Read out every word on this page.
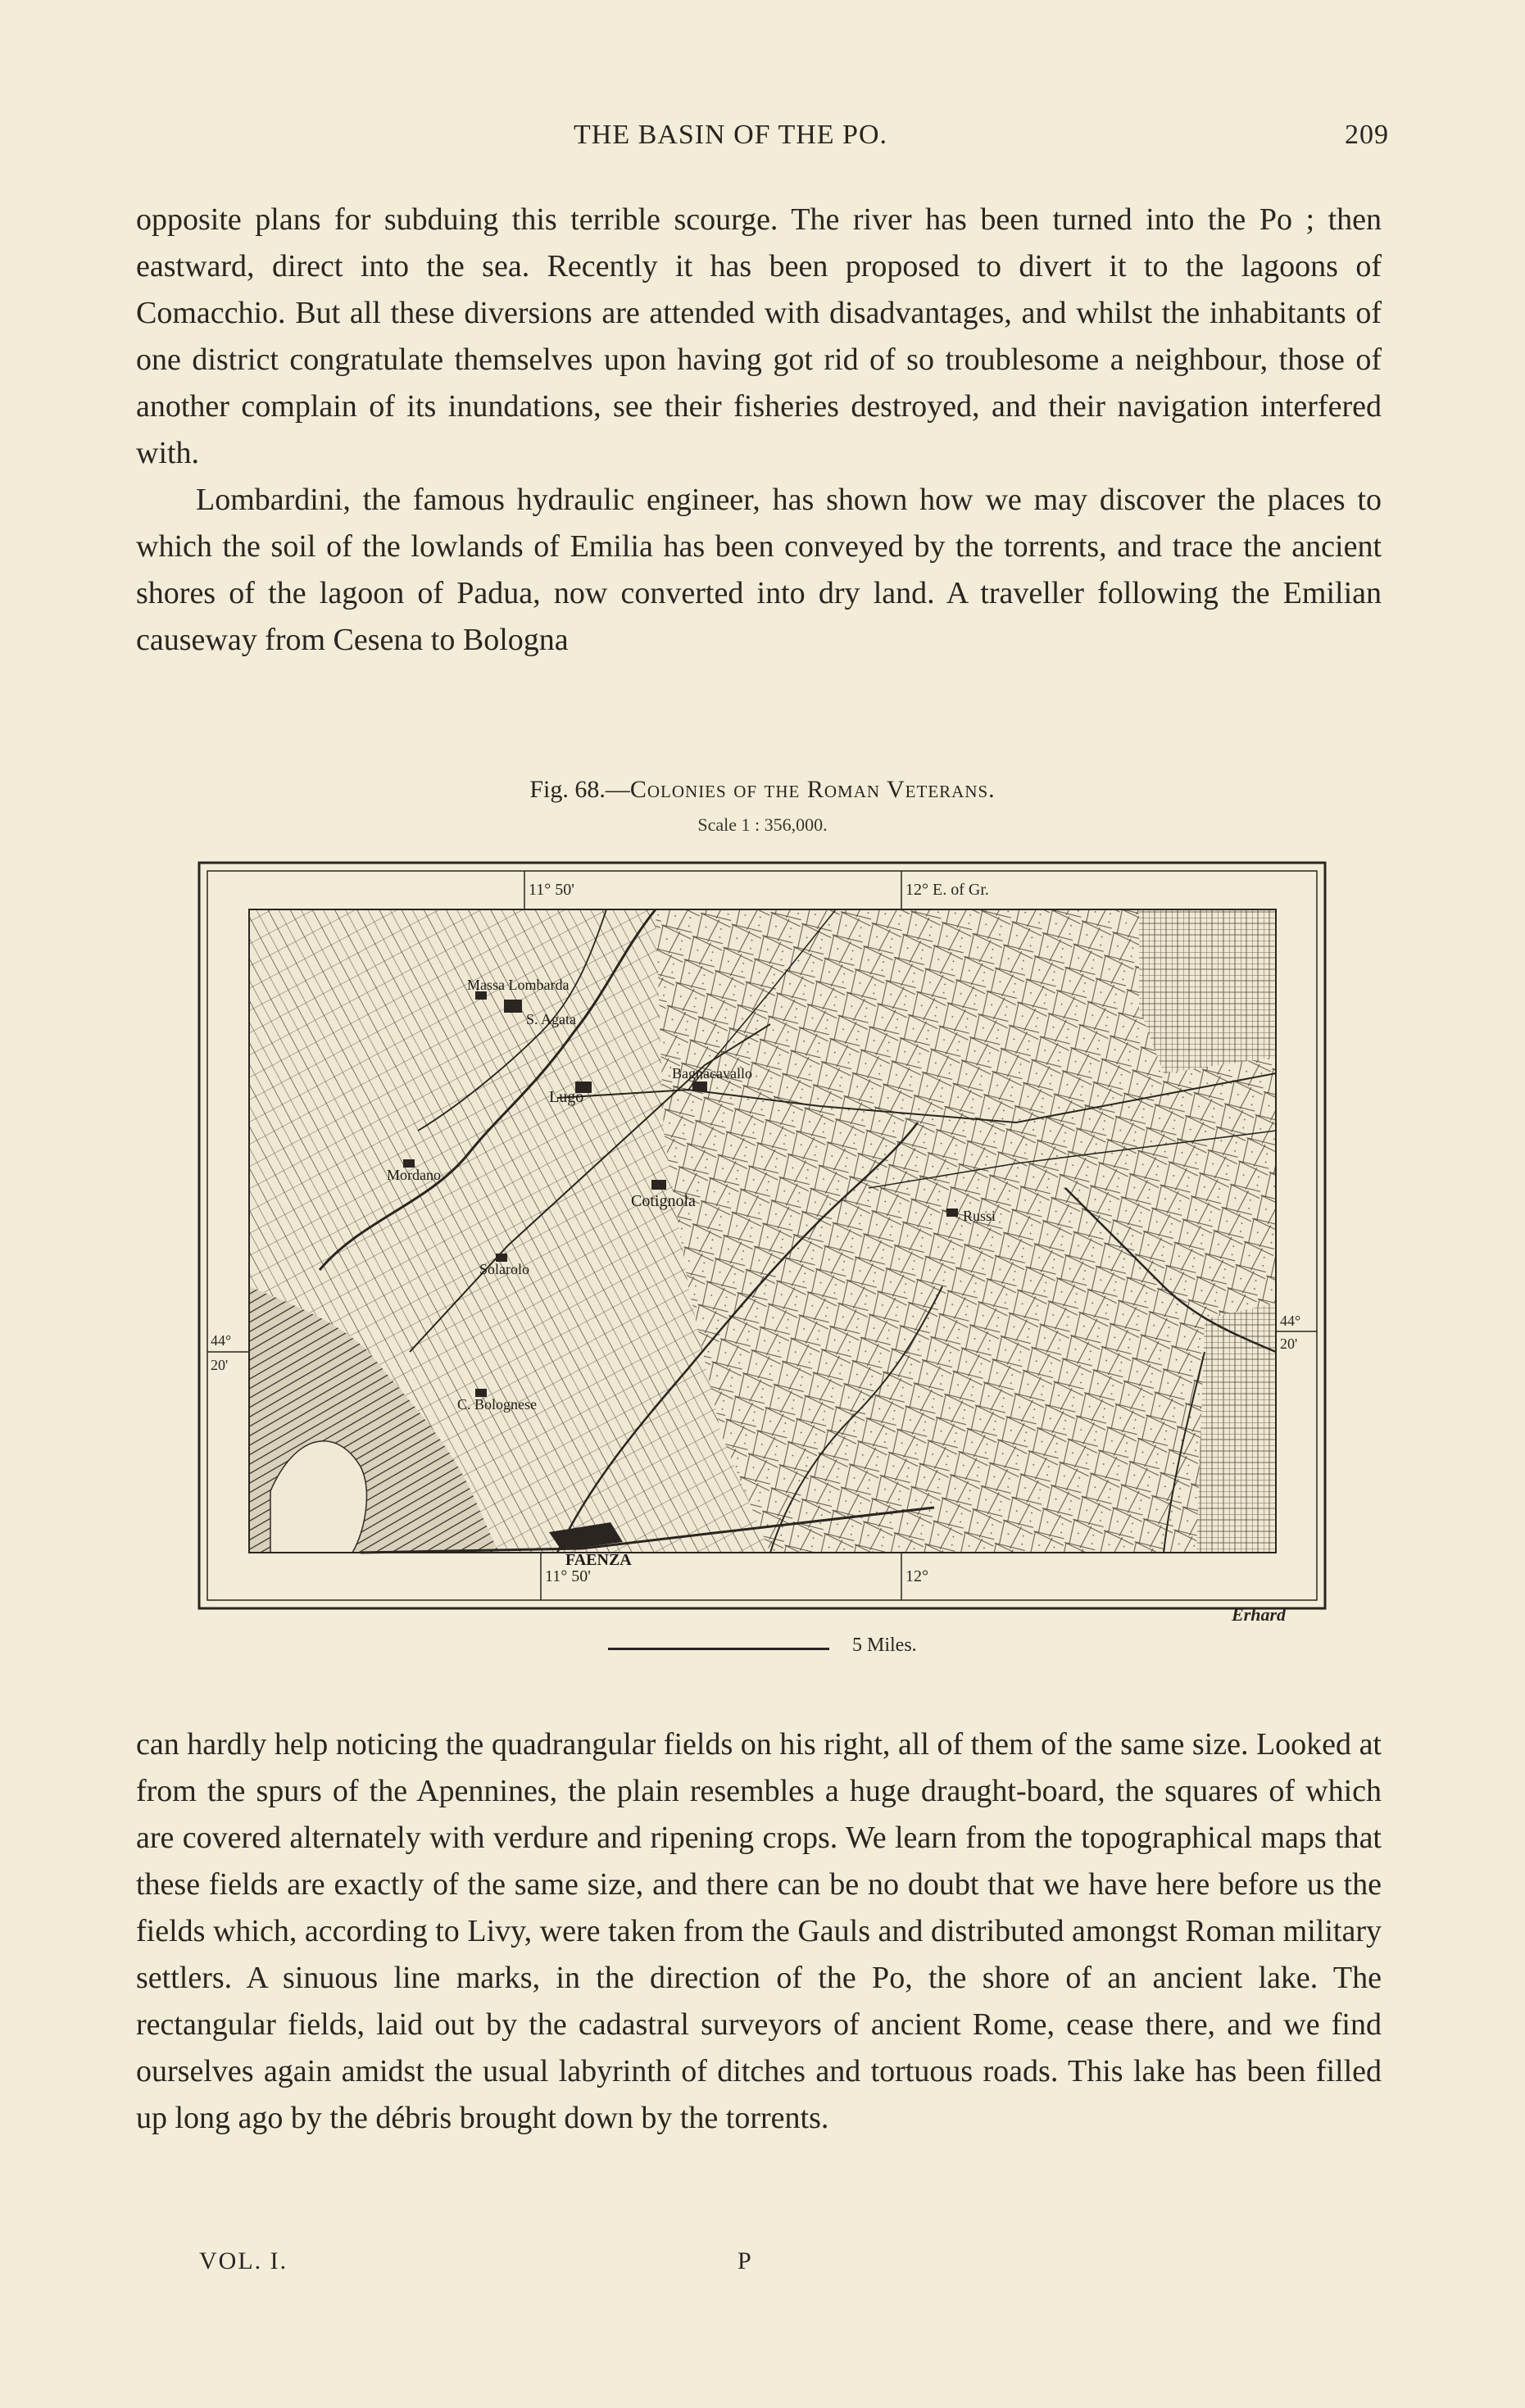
THE BASIN OF THE PO.	209

opposite plans for subduing this terrible scourge. The river has been turned into the Po ; then eastward, direct into the sea. Recently it has been proposed to divert it to the lagoons of Comacchio. But all these diversions are attended with disadvantages, and whilst the inhabitants of one district congratulate themselves upon having got rid of so troublesome a neighbour, those of another complain of its inundations, see their fisheries destroyed, and their navigation interfered with.

Lombardini, the famous hydraulic engineer, has shown how we may discover the places to which the soil of the lowlands of Emilia has been conveyed by the torrents, and trace the ancient shores of the lagoon of Padua, now converted into dry land. A traveller following the Emilian causeway from Cesena to Bologna

Fig. 68.—Colonies of the Roman Veterans.
Scale 1 : 356,000.
11° 50'	12° E. of Gr.
11° 50'	12°
44°
20'
44°
20'
Massa Lombarda
S. Agata
Lugo
Bagnacavallo
Mordano
Cotignola
Russi
Solarolo
C. Bolognese
FAENZA
Erhard
5 Miles.

can hardly help noticing the quadrangular fields on his right, all of them of the same size. Looked at from the spurs of the Apennines, the plain resembles a huge draught-board, the squares of which are covered alternately with verdure and ripening crops. We learn from the topographical maps that these fields are exactly of the same size, and there can be no doubt that we have here before us the fields which, according to Livy, were taken from the Gauls and distributed amongst Roman military settlers. A sinuous line marks, in the direction of the Po, the shore of an ancient lake. The rectangular fields, laid out by the cadastral surveyors of ancient Rome, cease there, and we find ourselves again amidst the usual labyrinth of ditches and tortuous roads. This lake has been filled up long ago by the débris brought down by the torrents.

VOL. I.	P
